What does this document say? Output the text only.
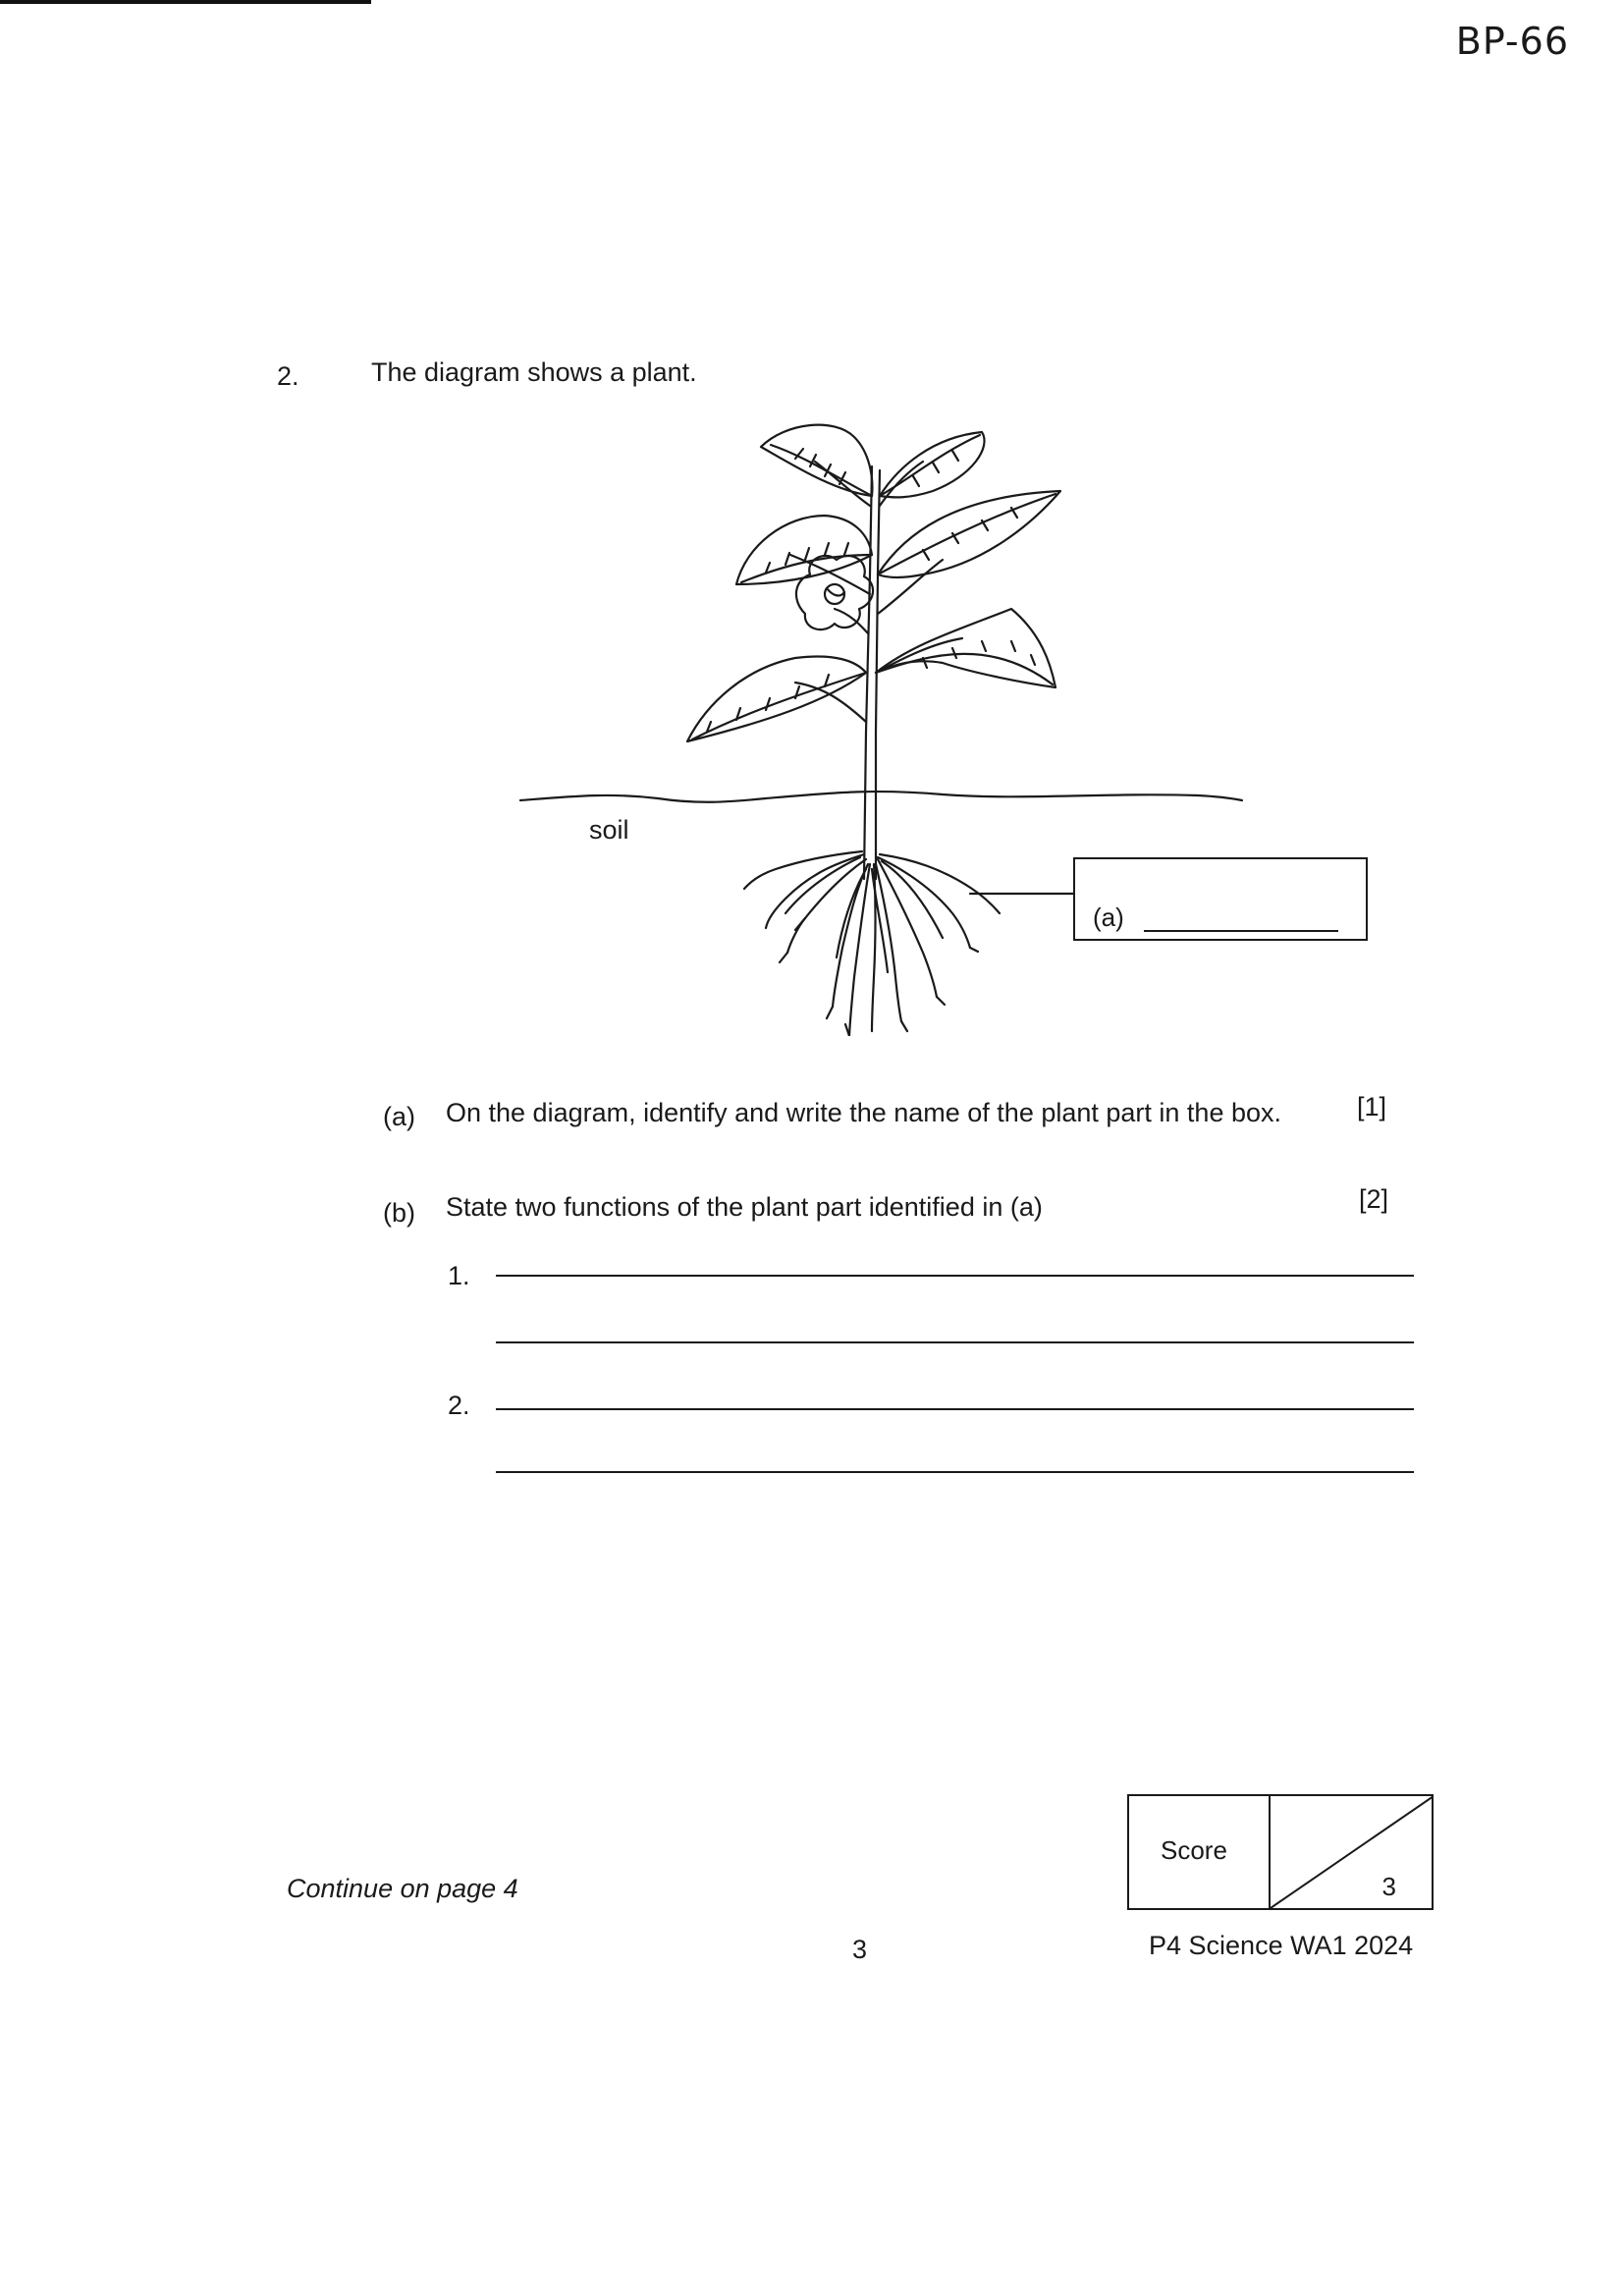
BP-66
2.	The diagram shows a plant.
soil
(a)
(a) On the diagram, identify and write the name of the plant part in the box.	[1]
(b) State two functions of the plant part identified in (a)	[2]
1.
2.
Score
3
Continue on page 4
3	P4 Science WA1 2024
